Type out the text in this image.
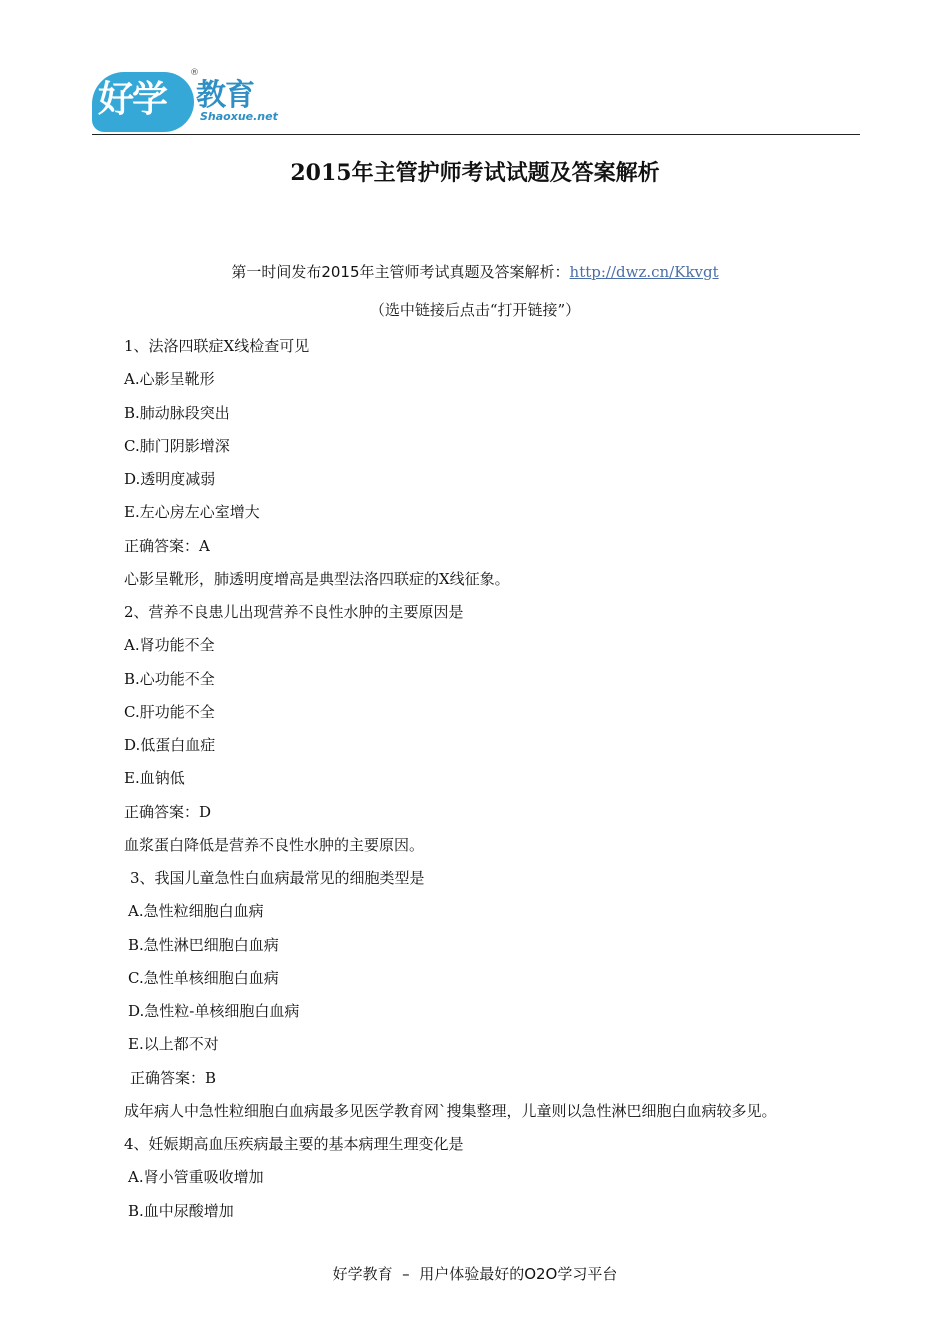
好学
®
教育
Shaoxue.net
2015年主管护师考试试题及答案解析
第一时间发布2015年主管师考试真题及答案解析：http://dwz.cn/Kkvgt
（选中链接后点击“打开链接”）
1、法洛四联症X线检查可见
A.心影呈靴形
B.肺动脉段突出
C.肺门阴影增深
D.透明度减弱
E.左心房左心室增大
正确答案：A
心影呈靴形，肺透明度增高是典型法洛四联症的X线征象。
2、营养不良患儿出现营养不良性水肿的主要原因是
A.肾功能不全
B.心功能不全
C.肝功能不全
D.低蛋白血症
E.血钠低
正确答案：D
血浆蛋白降低是营养不良性水肿的主要原因。
3、我国儿童急性白血病最常见的细胞类型是
A.急性粒细胞白血病
B.急性淋巴细胞白血病
C.急性单核细胞白血病
D.急性粒-单核细胞白血病
E.以上都不对
正确答案：B
成年病人中急性粒细胞白血病最多见医学教育网`搜集整理，儿童则以急性淋巴细胞白血病较多见。
4、妊娠期高血压疾病最主要的基本病理生理变化是
A.肾小管重吸收增加
B.血中尿酸增加
好学教育  –  用户体验最好的O2O学习平台
